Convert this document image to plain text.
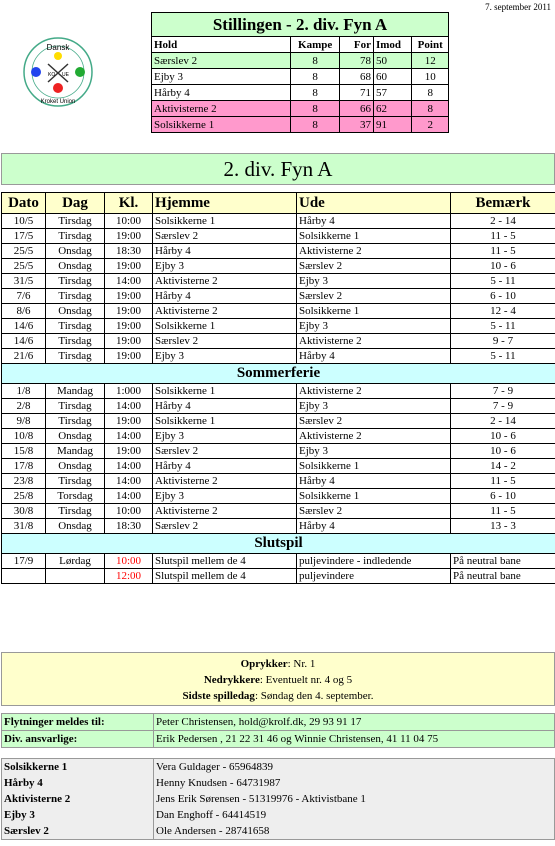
7. september 2011
Dansk
Kroket Union
KO UE
Stillingen - 2. div. Fyn A				
Hold	Kampe	For	Imod	Point
Særslev 2	8	78	50	12
Ejby 3	8	68	60	10
Hårby 4	8	71	57	8
Aktivisterne 2	8	66	62	8
Solsikkerne 1	8	37	91	2
2. div. Fyn A
Dato	Dag	Kl.	Hjemme	Ude	Bemærk
10/5	Tirsdag	10:00	Solsikkerne 1	Hårby 4	2 - 14
17/5	Tirsdag	19:00	Særslev 2	Solsikkerne 1	11 - 5
25/5	Onsdag	18:30	Hårby 4	Aktivisterne 2	11 - 5
25/5	Onsdag	19:00	Ejby 3	Særslev 2	10 - 6
31/5	Tirsdag	14:00	Aktivisterne 2	Ejby 3	5 - 11
7/6	Tirsdag	19:00	Hårby 4	Særslev 2	6 - 10
8/6	Onsdag	19:00	Aktivisterne 2	Solsikkerne 1	12 - 4
14/6	Tirsdag	19:00	Solsikkerne 1	Ejby 3	5 - 11
14/6	Tirsdag	19:00	Særslev 2	Aktivisterne 2	9 - 7
21/6	Tirsdag	19:00	Ejby 3	Hårby 4	5 - 11
Sommerferie					
1/8	Mandag	1:000	Solsikkerne 1	Aktivisterne 2	7 - 9
2/8	Tirsdag	14:00	Hårby 4	Ejby 3	7 - 9
9/8	Tirsdag	19:00	Solsikkerne 1	Særslev 2	2 - 14
10/8	Onsdag	14:00	Ejby 3	Aktivisterne 2	10 - 6
15/8	Mandag	19:00	Særslev 2	Ejby 3	10 - 6
17/8	Onsdag	14:00	Hårby 4	Solsikkerne 1	14 - 2
23/8	Tirsdag	14:00	Aktivisterne 2	Hårby 4	11 - 5
25/8	Torsdag	14:00	Ejby 3	Solsikkerne 1	6 - 10
30/8	Tirsdag	10:00	Aktivisterne 2	Særslev 2	11 - 5
31/8	Onsdag	18:30	Særslev 2	Hårby 4	13 - 3
Slutspil					
17/9	Lørdag	10:00	Slutspil mellem de 4	puljevindere - indledende	På neutral bane
		12:00	Slutspil mellem de 4	puljevindere	På neutral bane
Oprykker: Nr. 1
Nedrykkere: Eventuelt nr. 4 og 5
Sidste spilledag: Søndag den 4. september.
Flytninger meldes til:	Peter Christensen, hold@krolf.dk, 29 93 91 17
Div. ansvarlige:	Erik Pedersen , 21 22 31 46 og Winnie Christensen, 41 11 04 75
Solsikkerne 1	Vera Guldager - 65964839
Hårby 4	Henny Knudsen - 64731987
Aktivisterne 2	Jens Erik Sørensen - 51319976 - Aktivistbane 1
Ejby 3	Dan Enghoff - 64414519
Særslev 2	Ole Andersen - 28741658
